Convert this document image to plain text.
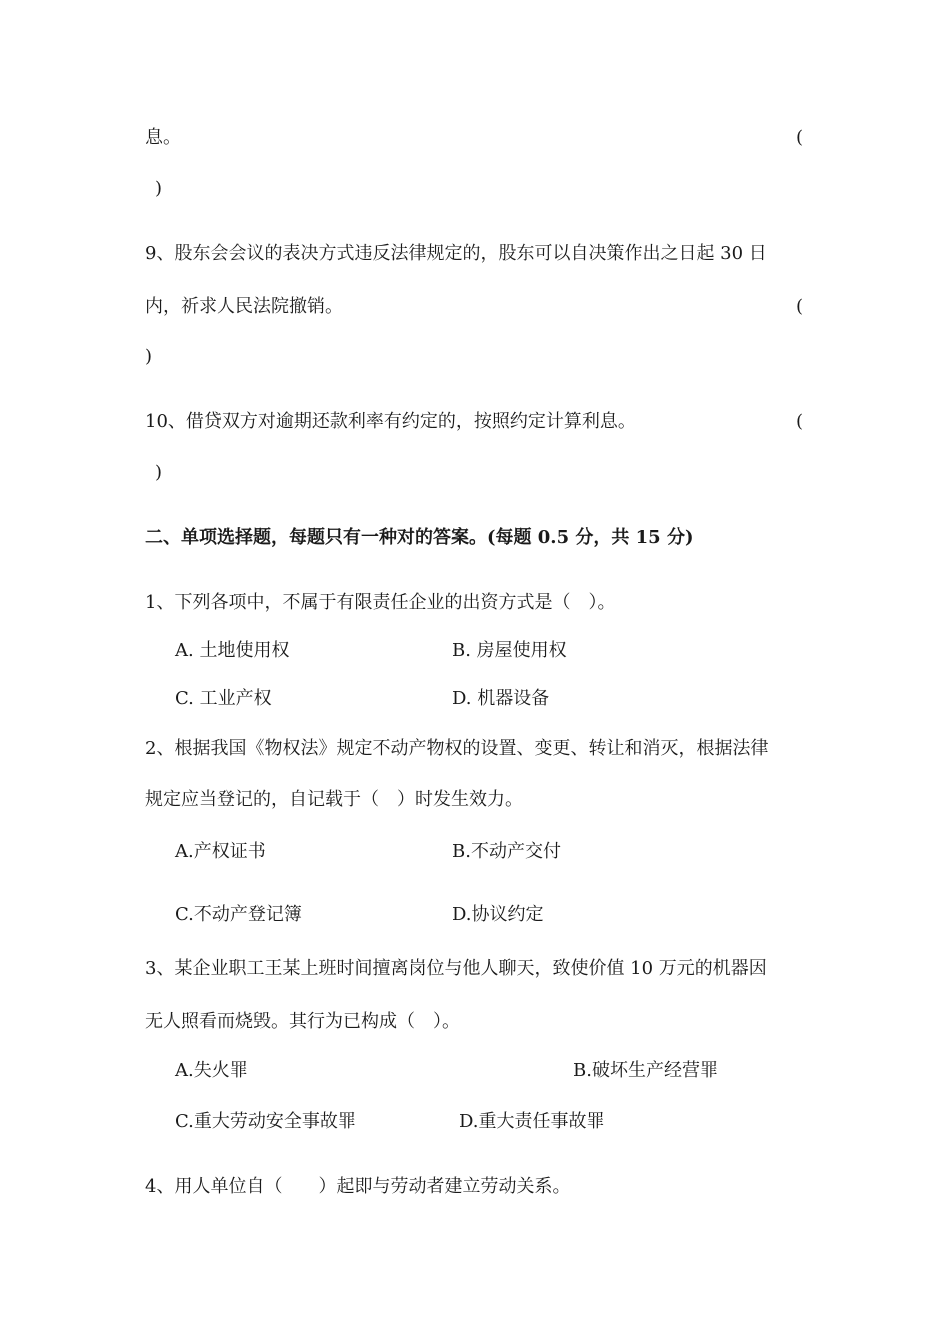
息。	(
)
9、股东会会议的表决方式违反法律规定的，股东可以自决策作出之日起 30 日
内，祈求人民法院撤销。	(
)
10、借贷双方对逾期还款利率有约定的，按照约定计算利息。	(
)
二、单项选择题，每题只有一种对的答案。(每题 0.5 分，共 15 分)
1、下列各项中，不属于有限责任企业的出资方式是（　）。
A. 土地使用权	B. 房屋使用权
C. 工业产权	D. 机器设备
2、根据我国《物权法》规定不动产物权的设置、变更、转让和消灭，根据法律
规定应当登记的，自记载于（　）时发生效力。
A.产权证书	B.不动产交付
C.不动产登记簿	D.协议约定
3、某企业职工王某上班时间擅离岗位与他人聊天，致使价值 10 万元的机器因
无人照看而烧毁。其行为已构成（　）。
A.失火罪	B.破坏生产经营罪
C.重大劳动安全事故罪	D.重大责任事故罪
4、用人单位自（　　）起即与劳动者建立劳动关系。
